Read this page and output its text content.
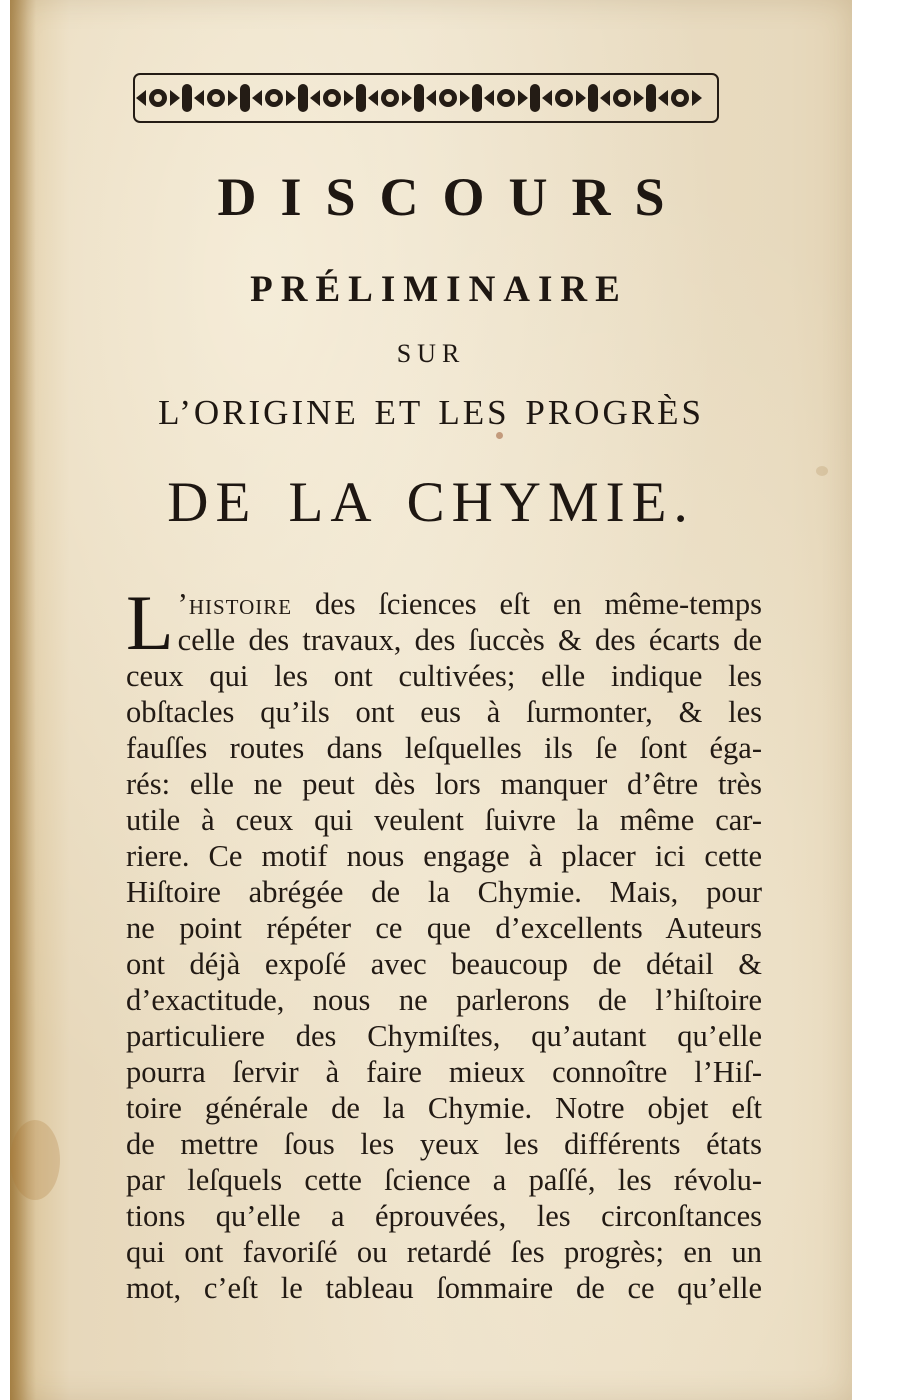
DISCOURS
PRÉLIMINAIRE
SUR
L’ORIGINE ET LES PROGRÈS
DE LA CHYMIE.
L ’histoire des ſciences eſt en même-temps
celle des travaux, des ſuccès & des écarts de
ceux qui les ont cultivées; elle indique les
obſtacles qu’ils ont eus à ſurmonter, & les
fauſſes routes dans leſquelles ils ſe ſont éga-
rés: elle ne peut dès lors manquer d’être très
utile à ceux qui veulent ſuivre la même car-
riere. Ce motif nous engage à placer ici cette
Hiſtoire abrégée de la Chymie. Mais, pour
ne point répéter ce que d’excellents Auteurs
ont déjà expoſé avec beaucoup de détail &
d’exactitude, nous ne parlerons de l’hiſtoire
particuliere des Chymiſtes, qu’autant qu’elle
pourra ſervir à faire mieux connoître l’Hiſ-
toire générale de la Chymie. Notre objet eſt
de mettre ſous les yeux les différents états
par leſquels cette ſcience a paſſé, les révolu-
tions qu’elle a éprouvées, les circonſtances
qui ont favoriſé ou retardé ſes progrès; en un
mot, c’eſt le tableau ſommaire de ce qu’elle
